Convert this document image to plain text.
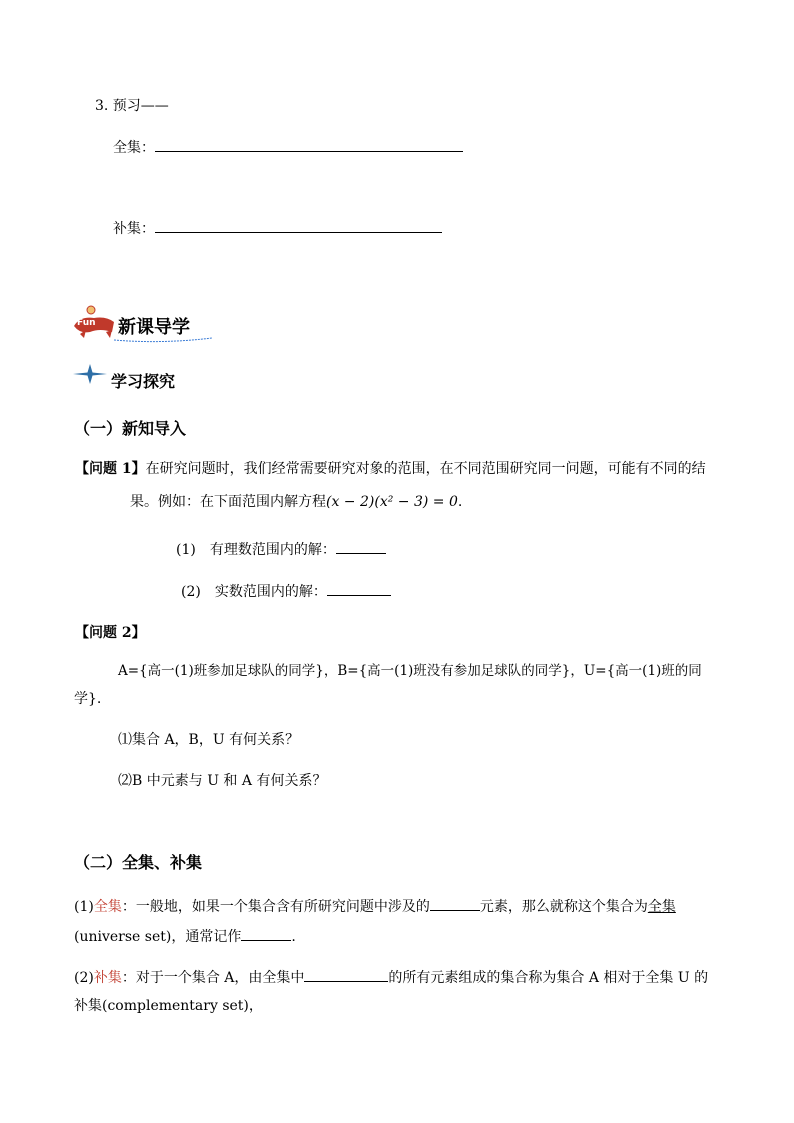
3. 预习——
全集：
补集：
Fun 新课导学
学习探究
（一）新知导入
【问题 1】在研究问题时，我们经常需要研究对象的范围，在不同范围研究同一问题，可能有不同的结
果。例如：在下面范围内解方程(x − 2)(x² − 3) = 0.
(1) 有理数范围内的解：
(2) 实数范围内的解：
【问题 2】
A={高一(1)班参加足球队的同学}，B={高一(1)班没有参加足球队的同学}，U={高一(1)班的同
学}.
⑴集合 A，B，U 有何关系？
⑵B 中元素与 U 和 A 有何关系？
（二）全集、补集
(1)全集：一般地，如果一个集合含有所研究问题中涉及的	元素，那么就称这个集合为全集
(universe set)，通常记作	.
(2)补集：对于一个集合 A，由全集中	的所有元素组成的集合称为集合 A 相对于全集 U 的
补集(complementary set)，
